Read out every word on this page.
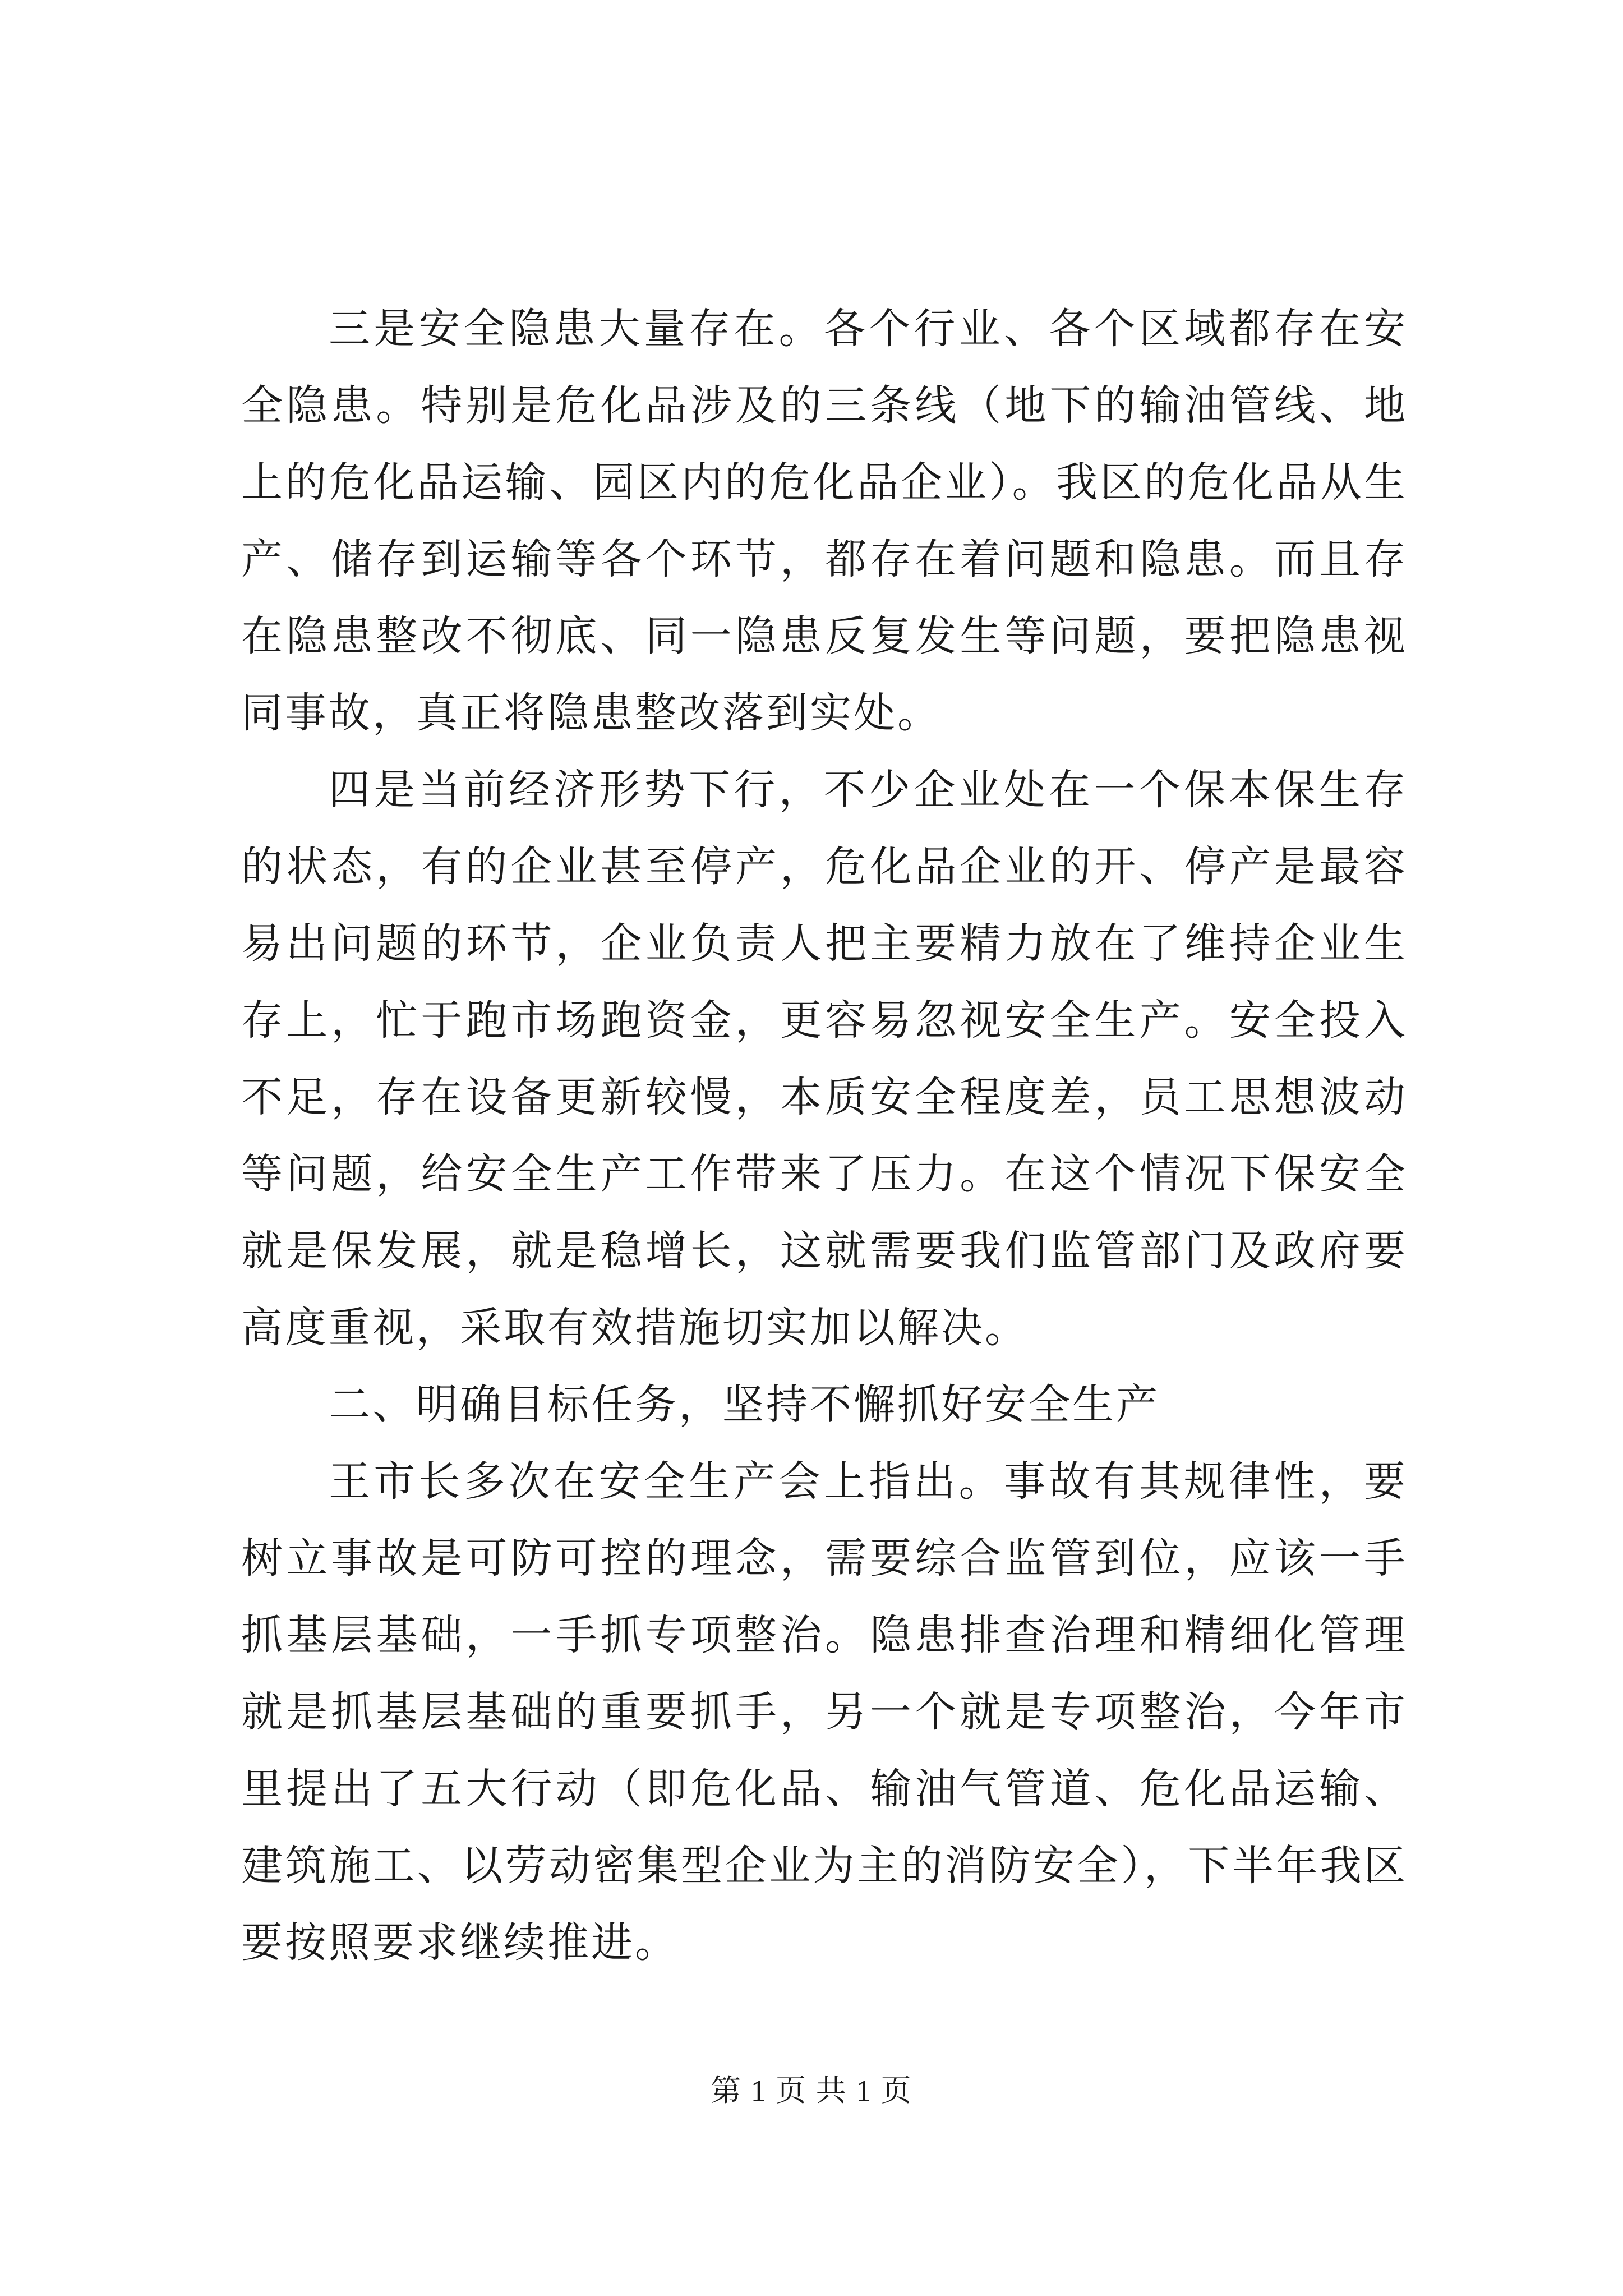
三是安全隐患大量存在。各个行业、各个区域都存在安全隐患。特别是危化品涉及的三条线（地下的输油管线、地上的危化品运输、园区内的危化品企业）。我区的危化品从生产、储存到运输等各个环节，都存在着问题和隐患。而且存在隐患整改不彻底、同一隐患反复发生等问题，要把隐患视同事故，真正将隐患整改落到实处。

四是当前经济形势下行，不少企业处在一个保本保生存的状态，有的企业甚至停产，危化品企业的开、停产是最容易出问题的环节，企业负责人把主要精力放在了维持企业生存上，忙于跑市场跑资金，更容易忽视安全生产。安全投入不足，存在设备更新较慢，本质安全程度差，员工思想波动等问题，给安全生产工作带来了压力。在这个情况下保安全就是保发展，就是稳增长，这就需要我们监管部门及政府要高度重视，采取有效措施切实加以解决。

二、明确目标任务，坚持不懈抓好安全生产

王市长多次在安全生产会上指出。事故有其规律性，要树立事故是可防可控的理念，需要综合监管到位，应该一手抓基层基础，一手抓专项整治。隐患排查治理和精细化管理就是抓基层基础的重要抓手，另一个就是专项整治，今年市里提出了五大行动（即危化品、输油气管道、危化品运输、建筑施工、以劳动密集型企业为主的消防安全），下半年我区要按照要求继续推进。

第 1 页 共 1 页
